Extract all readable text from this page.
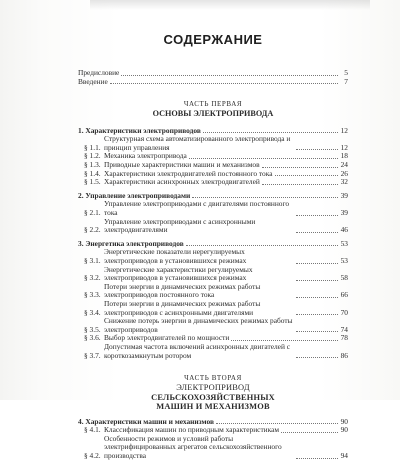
СОДЕРЖАНИЕ
Предисловие	5
Введение	7
ЧАСТЬ ПЕРВАЯ
ОСНОВЫ ЭЛЕКТРОПРИВОДА
1. Характеристики электроприводов	12
§ 1.1.
Структурная схема автоматизированного электропривода и принцип управления	12
§ 1.2. Механика электропривода	18
§ 1.3. Приводные характеристики машин и механизмов	24
§ 1.4. Характеристики электродвигателей постоянного тока	26
§ 1.5. Характеристики асинхронных электродвигателей	32
2. Управление электроприводами	39
§ 2.1.
Управление электроприводами с двигателями постоянного тока	39
§ 2.2.
Управление электроприводами с асинхронными электродвигателями	46
3. Энергетика электроприводов	53
§ 3.1.
Энергетические показатели нерегулируемых электроприводов в установившихся режимах	53
§ 3.2.
Энергетические характеристики регулируемых электроприводов в установившихся режимах	58
§ 3.3.
Потери энергии в динамических режимах работы электроприводов постоянного тока	66
§ 3.4.
Потери энергии в динамических режимах работы электроприводов с асинхронными двигателями	70
§ 3.5.
Снижение потерь энергии в динамических режимах работы электроприводов	74
§ 3.6. Выбор электродвигателей по мощности	78
§ 3.7.
Допустимая частота включений асинхронных двигателей с короткозамкнутым ротором	86
ЧАСТЬ ВТОРАЯ
ЭЛЕКТРОПРИВОД
СЕЛЬСКОХОЗЯЙСТВЕННЫХ
МАШИН И МЕХАНИЗМОВ
4. Характеристики машин и механизмов	90
§ 4.1. Классификация машин по приводным характеристикам	90
§ 4.2.
Особенности режимов и условий работы электрифицированных агрегатов сельскохозяйственного производства	94
